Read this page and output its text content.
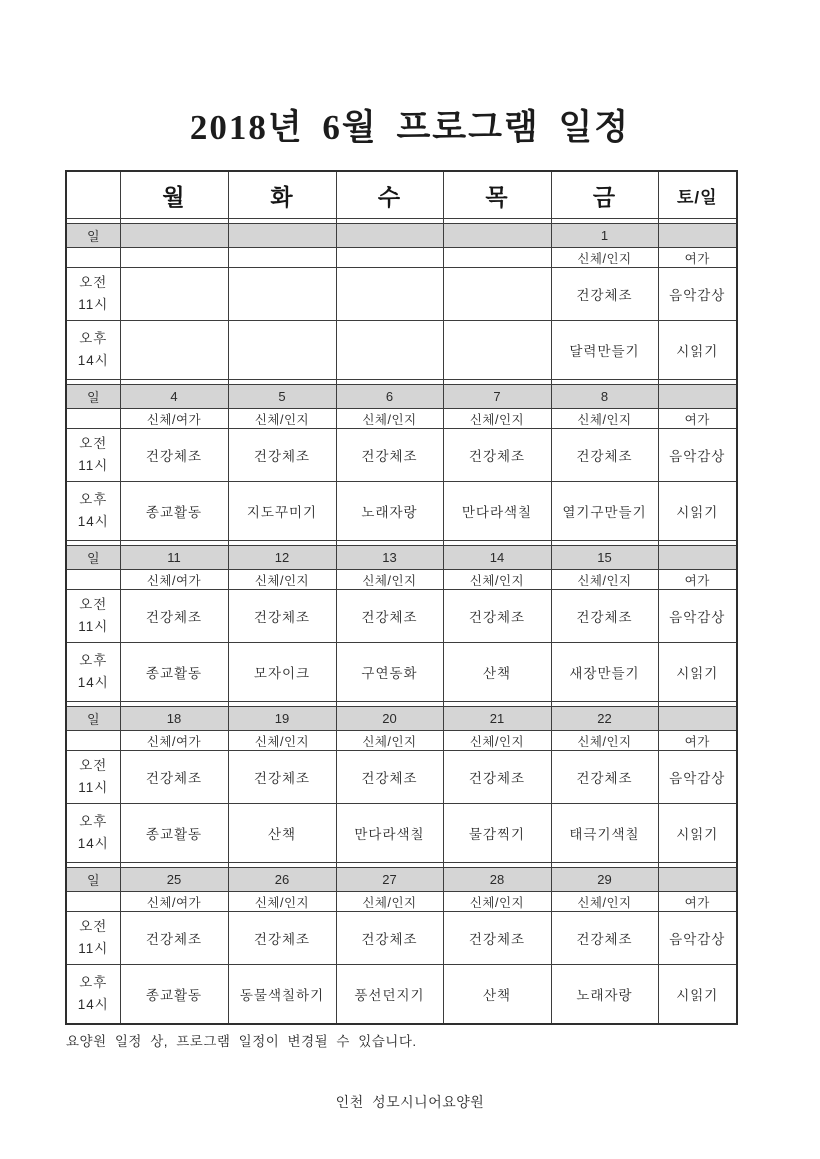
2018년 6월 프로그램 일정
	월	화	수	목	금	토/일

일					1	
					신체/인지	여가

오전
11시					건강체조	음악감상

오후
14시					달력만들기	시읽기

일	4	5	6	7	8	
	신체/여가	신체/인지	신체/인지	신체/인지	신체/인지	여가

오전
11시	건강체조	건강체조	건강체조	건강체조	건강체조	음악감상

오후
14시	종교활동	지도꾸미기	노래자랑	만다라색칠	열기구만들기	시읽기

일	11	12	13	14	15	
	신체/여가	신체/인지	신체/인지	신체/인지	신체/인지	여가

오전
11시	건강체조	건강체조	건강체조	건강체조	건강체조	음악감상

오후
14시	종교활동	모자이크	구연동화	산책	새장만들기	시읽기

일	18	19	20	21	22	
	신체/여가	신체/인지	신체/인지	신체/인지	신체/인지	여가

오전
11시	건강체조	건강체조	건강체조	건강체조	건강체조	음악감상

오후
14시	종교활동	산책	만다라색칠	물감찍기	태극기색칠	시읽기

일	25	26	27	28	29	
	신체/여가	신체/인지	신체/인지	신체/인지	신체/인지	여가

오전
11시	건강체조	건강체조	건강체조	건강체조	건강체조	음악감상

오후
14시	종교활동	동물색칠하기	풍선던지기	산책	노래자랑	시읽기
요양원 일정 상, 프로그램 일정이 변경될 수 있습니다.
인천 성모시니어요양원
